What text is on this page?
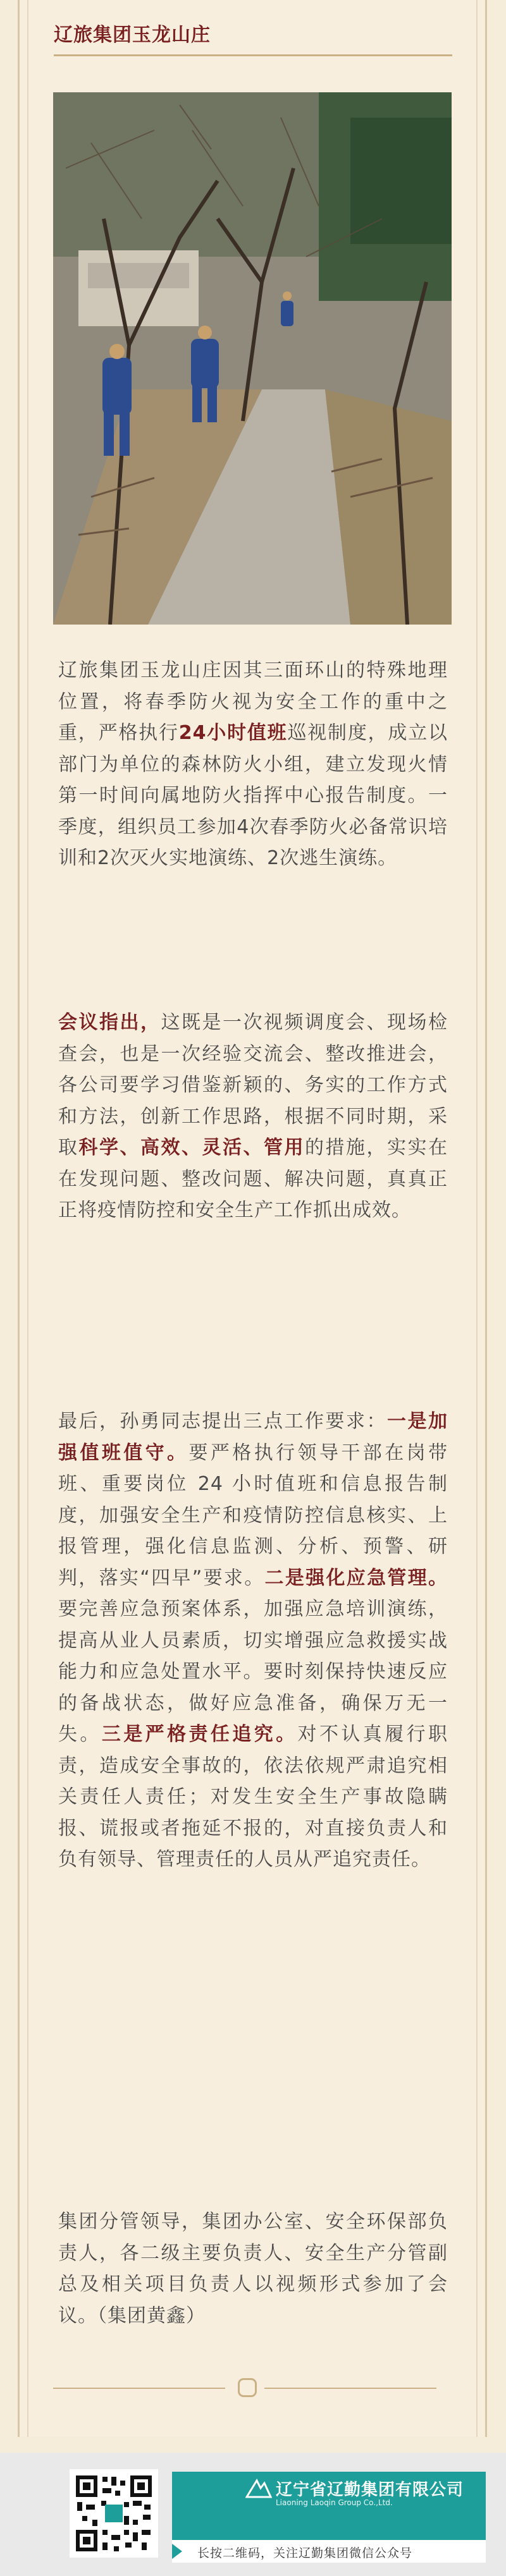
辽旅集团玉龙山庄
辽旅集团玉龙山庄因其三面环山的特殊地理位置，将春季防火视为安全工作的重中之重，严格执行24小时值班巡视制度，成立以部门为单位的森林防火小组，建立发现火情第一时间向属地防火指挥中心报告制度。一季度，组织员工参加4次春季防火必备常识培训和2次灭火实地演练、2次逃生演练。
会议指出，这既是一次视频调度会、现场检查会，也是一次经验交流会、整改推进会，各公司要学习借鉴新颖的、务实的工作方式和方法，创新工作思路，根据不同时期，采取科学、高效、灵活、管用的措施，实实在在发现问题、整改问题、解决问题，真真正正将疫情防控和安全生产工作抓出成效。
最后，孙勇同志提出三点工作要求：一是加强值班值守。要严格执行领导干部在岗带班、重要岗位 24 小时值班和信息报告制度，加强安全生产和疫情防控信息核实、上报管理，强化信息监测、分析、预警、研判，落实“四早”要求。二是强化应急管理。要完善应急预案体系，加强应急培训演练，提高从业人员素质，切实增强应急救援实战能力和应急处置水平。要时刻保持快速反应的备战状态，做好应急准备，确保万无一失。三是严格责任追究。对不认真履行职责，造成安全事故的，依法依规严肃追究相关责任人责任；对发生安全生产事故隐瞒报、谎报或者拖延不报的，对直接负责人和负有领导、管理责任的人员从严追究责任。
集团分管领导，集团办公室、安全环保部负责人，各二级主要负责人、安全生产分管副总及相关项目负责人以视频形式参加了会议。（集团黄鑫）
辽宁省辽勤集团有限公司
Liaoning Laoqin Group Co.,Ltd.
长按二维码，关注辽勤集团微信公众号
